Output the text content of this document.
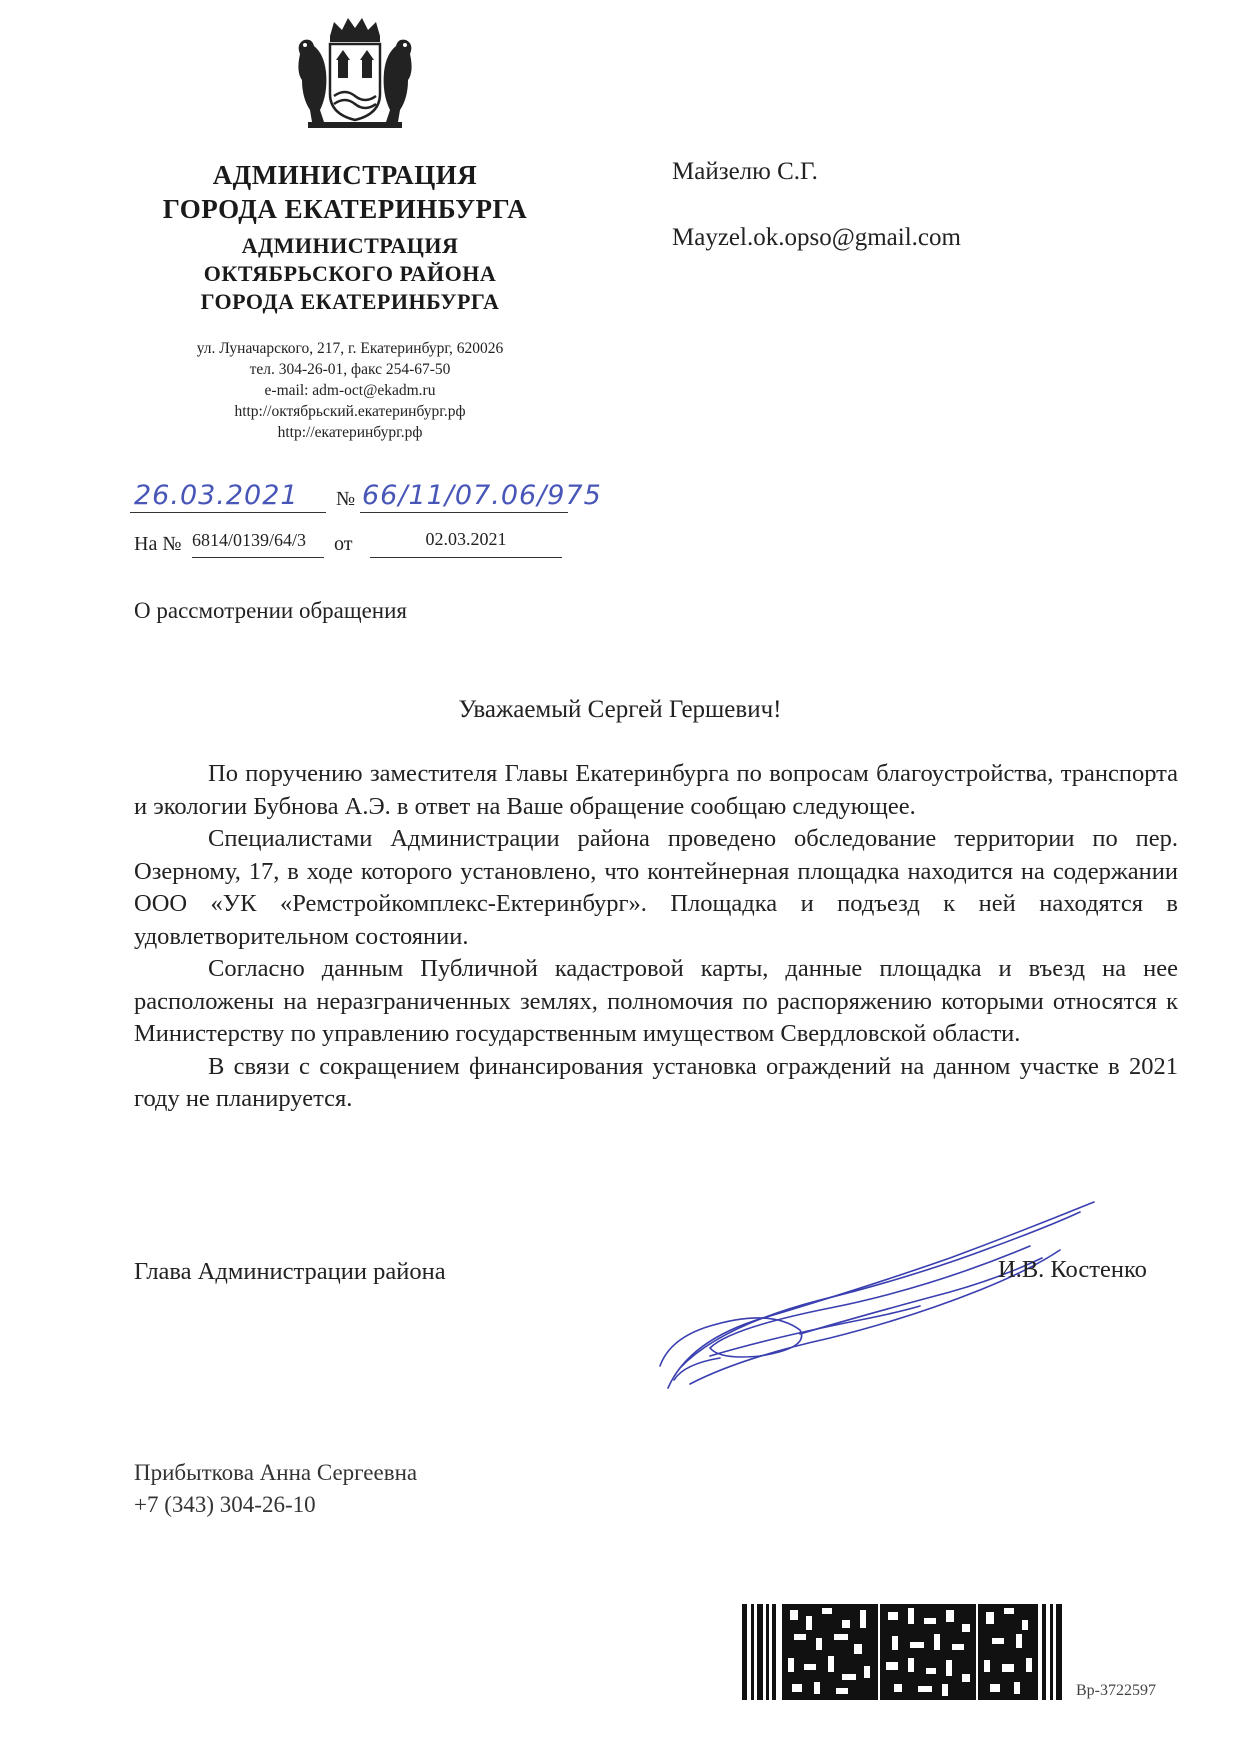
АДМИНИСТРАЦИЯ
ГОРОДА ЕКАТЕРИНБУРГА
АДМИНИСТРАЦИЯ
ОКТЯБРЬСКОГО РАЙОНА
ГОРОДА ЕКАТЕРИНБУРГА
ул. Луначарского, 217, г. Екатеринбург, 620026
тел. 304-26-01, факс 254-67-50
e-mail: adm-oct@ekadm.ru
http://октябрьский.екатеринбург.рф
http://екатеринбург.рф
Майзелю С.Г.
Mayzel.ok.opso@gmail.com
26.03.2021	№ 66/11/07.06/975
На № 6814/0139/64/3	от	02.03.2021
О рассмотрении обращения
Уважаемый Сергей Гершевич!

По поручению заместителя Главы Екатеринбурга по вопросам благоустройства, транспорта и экологии Бубнова А.Э. в ответ на Ваше обращение сообщаю следующее.

Специалистами Администрации района проведено обследование территории по пер. Озерному, 17, в ходе которого установлено, что контейнерная площадка находится на содержании ООО «УК «Ремстройкомплекс-Ектеринбург». Площадка и подъезд к ней находятся в удовлетворительном состоянии.

Согласно данным Публичной кадастровой карты, данные площадка и въезд на нее расположены на неразграниченных землях, полномочия по распоряжению которыми относятся к Министерству по управлению государственным имуществом Свердловской области.

В связи с сокращением финансирования установка ограждений на данном участке в 2021 году не планируется.

Глава Администрации района	И.В. Костенко
Прибыткова Анна Сергеевна
+7 (343) 304-26-10
Вр-3722597
